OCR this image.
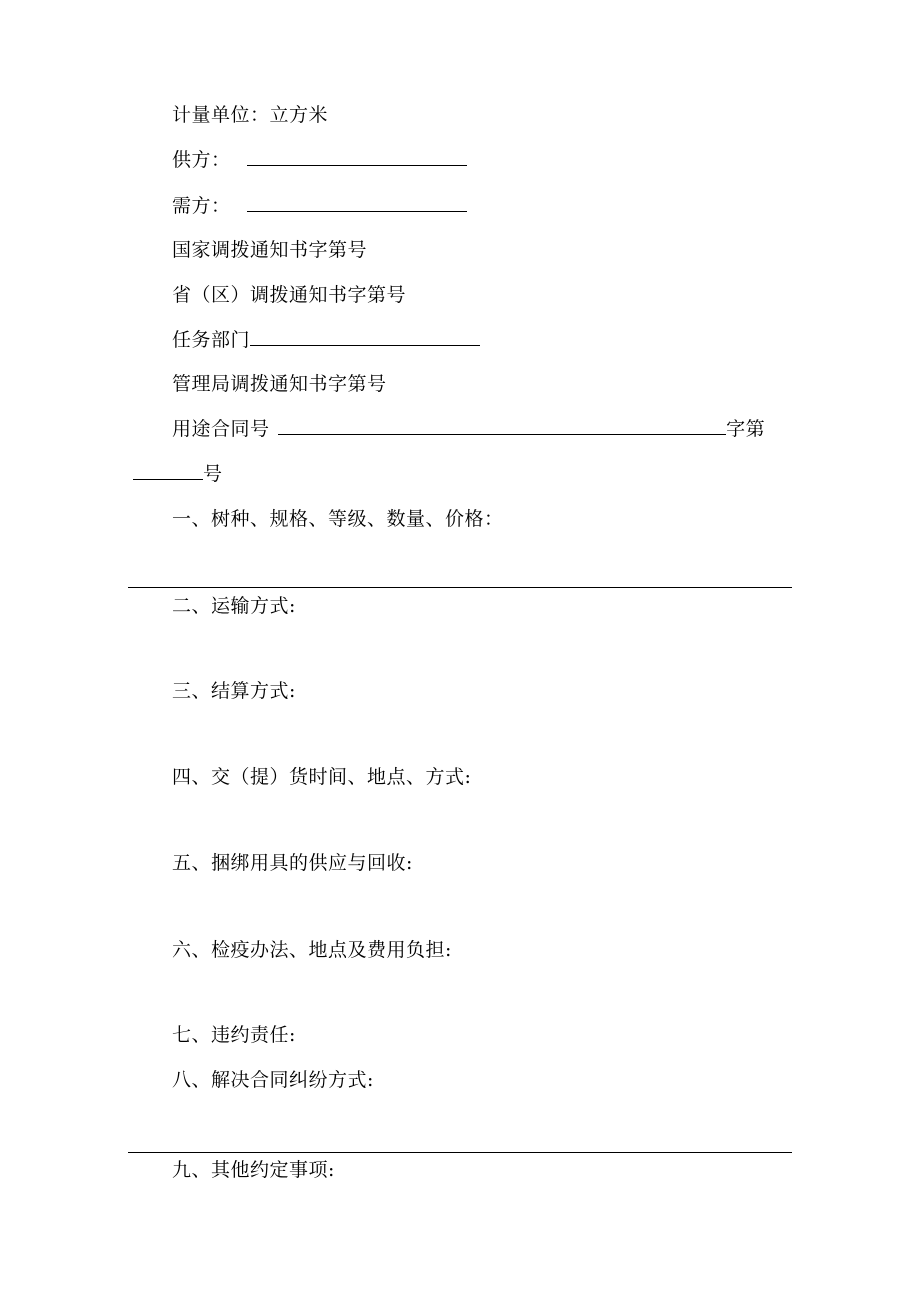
计量单位：立方米
供方：
需方：
国家调拨通知书字第号
省（区）调拨通知书字第号
任务部门
管理局调拨通知书字第号
用途合同号	字第
号
一、树种、规格、等级、数量、价格：
二、运输方式:
三、结算方式:
四、交（提）货时间、地点、方式:
五、捆绑用具的供应与回收:
六、检疫办法、地点及费用负担:
七、违约责任:
八、解决合同纠纷方式:
九、其他约定事项:
